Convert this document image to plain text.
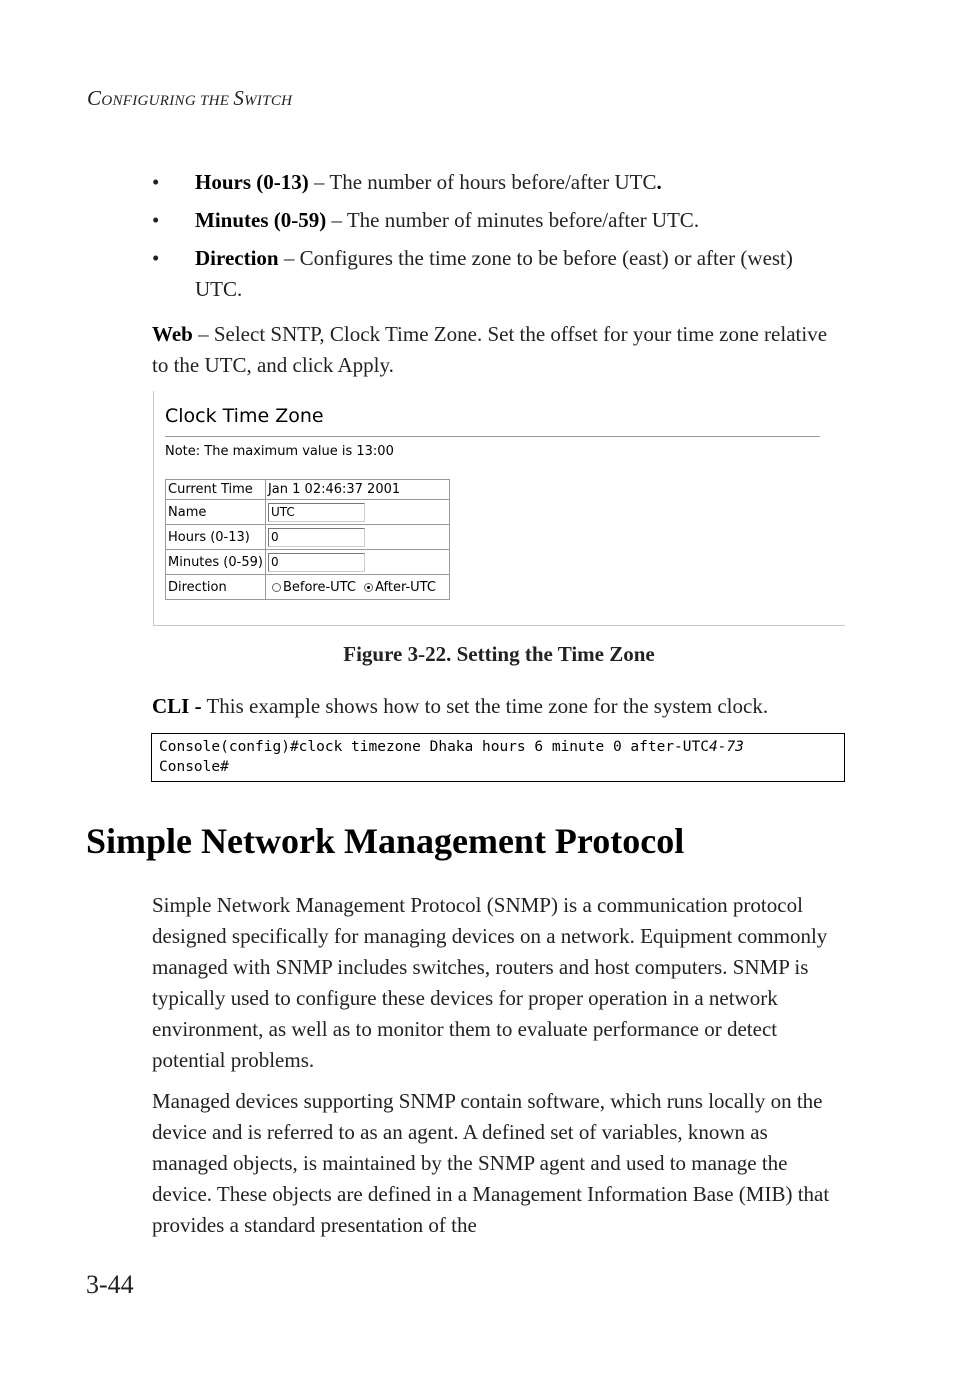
CONFIGURING THE SWITCH
• Hours (0-13) – The number of hours before/after UTC.
• Minutes (0-59) – The number of minutes before/after UTC.
• Direction – Configures the time zone to be before (east) or after (west) UTC.

Web – Select SNTP, Clock Time Zone. Set the offset for your time zone relative to the UTC, and click Apply.

Clock Time Zone
Note: The maximum value is 13:00
Current Time	Jan 1 02:46:37 2001
Name	UTC
Hours (0-13)	0
Minutes (0-59)	0
Direction	Before-UTC After-UTC
Figure 3-22. Setting the Time Zone

CLI - This example shows how to set the time zone for the system clock.

Console(config)#clock timezone Dhaka hours 6 minute 0 after-UTC4-73
Console#
Simple Network Management Protocol

Simple Network Management Protocol (SNMP) is a communication protocol designed specifically for managing devices on a network. Equipment commonly managed with SNMP includes switches, routers and host computers. SNMP is typically used to configure these devices for proper operation in a network environment, as well as to monitor them to evaluate performance or detect potential problems.

Managed devices supporting SNMP contain software, which runs locally on the device and is referred to as an agent. A defined set of variables, known as managed objects, is maintained by the SNMP agent and used to manage the device. These objects are defined in a Management Information Base (MIB) that provides a standard presentation of the

3-44
